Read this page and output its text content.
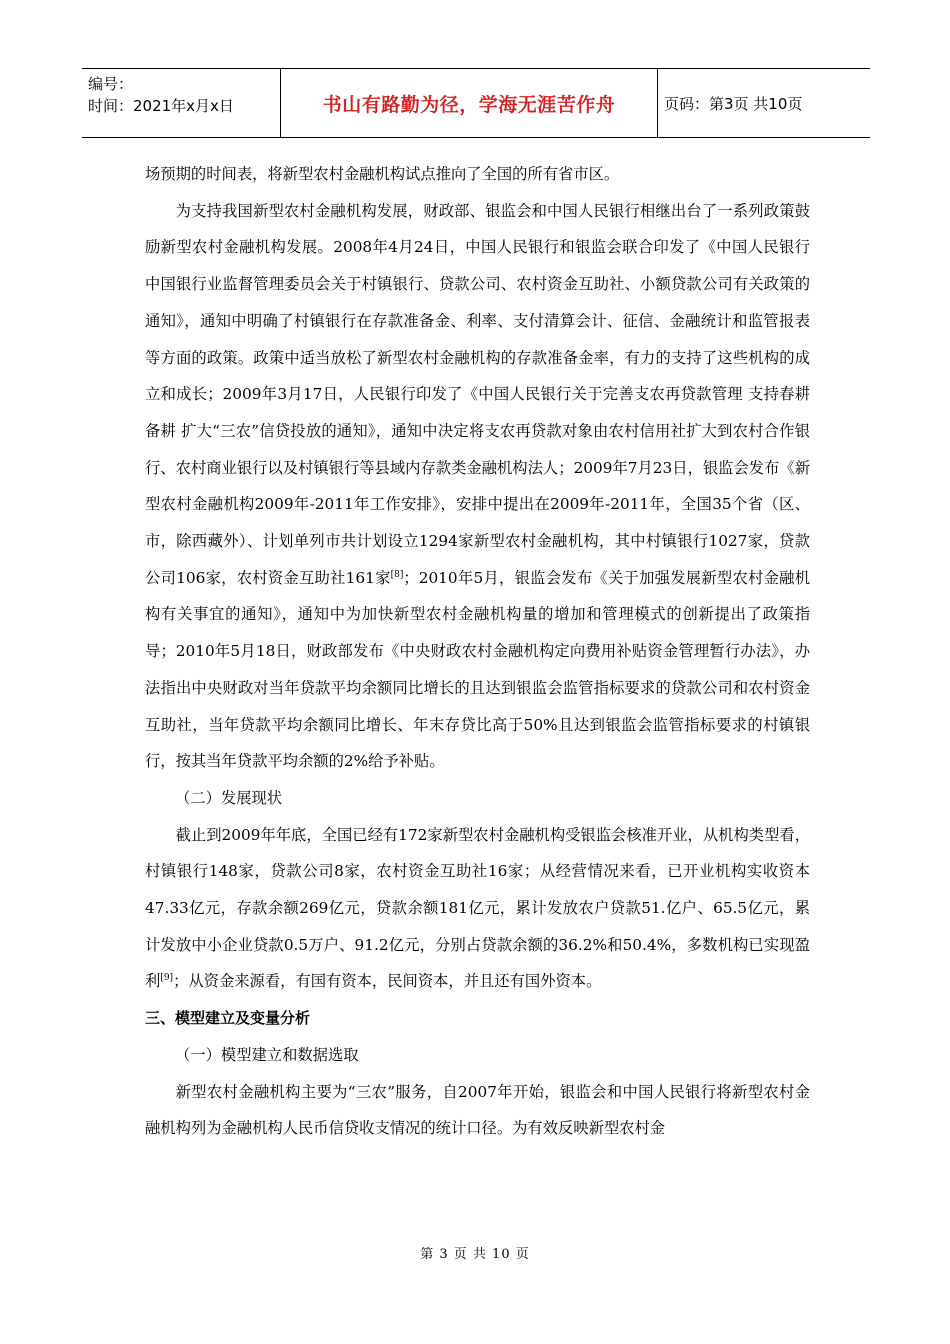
编号：
时间：2021年x月x日	书山有路勤为径，学海无涯苦作舟	页码：第3页 共10页

场预期的时间表，将新型农村金融机构试点推向了全国的所有省市区。

为支持我国新型农村金融机构发展，财政部、银监会和中国人民银行相继出台了一系列政策鼓励新型农村金融机构发展。2008年4月24日，中国人民银行和银监会联合印发了《中国人民银行 中国银行业监督管理委员会关于村镇银行、贷款公司、农村资金互助社、小额贷款公司有关政策的通知》，通知中明确了村镇银行在存款准备金、利率、支付清算会计、征信、金融统计和监管报表等方面的政策。政策中适当放松了新型农村金融机构的存款准备金率，有力的支持了这些机构的成立和成长；2009年3月17日，人民银行印发了《中国人民银行关于完善支农再贷款管理 支持春耕备耕 扩大“三农”信贷投放的通知》，通知中决定将支农再贷款对象由农村信用社扩大到农村合作银行、农村商业银行以及村镇银行等县域内存款类金融机构法人；2009年7月23日，银监会发布《新型农村金融机构2009年-2011年工作安排》，安排中提出在2009年-2011年，全国35个省（区、市，除西藏外）、计划单列市共计划设立1294家新型农村金融机构，其中村镇银行1027家，贷款公司106家，农村资金互助社161家[8]；2010年5月，银监会发布《关于加强发展新型农村金融机构有关事宜的通知》，通知中为加快新型农村金融机构量的增加和管理模式的创新提出了政策指导；2010年5月18日，财政部发布《中央财政农村金融机构定向费用补贴资金管理暂行办法》，办法指出中央财政对当年贷款平均余额同比增长的且达到银监会监管指标要求的贷款公司和农村资金互助社，当年贷款平均余额同比增长、年末存贷比高于50%且达到银监会监管指标要求的村镇银行，按其当年贷款平均余额的2%给予补贴。

（二）发展现状

截止到2009年年底，全国已经有172家新型农村金融机构受银监会核准开业，从机构类型看，村镇银行148家，贷款公司8家，农村资金互助社16家；从经营情况来看，已开业机构实收资本47.33亿元，存款余额269亿元，贷款余额181亿元，累计发放农户贷款51.亿户、65.5亿元，累计发放中小企业贷款0.5万户、91.2亿元，分别占贷款余额的36.2%和50.4%，多数机构已实现盈利[9]；从资金来源看，有国有资本，民间资本，并且还有国外资本。

三、模型建立及变量分析

（一）模型建立和数据选取

新型农村金融机构主要为“三农”服务，自2007年开始，银监会和中国人民银行将新型农村金融机构列为金融机构人民币信贷收支情况的统计口径。为有效反映新型农村金

第 3 页 共 10 页
